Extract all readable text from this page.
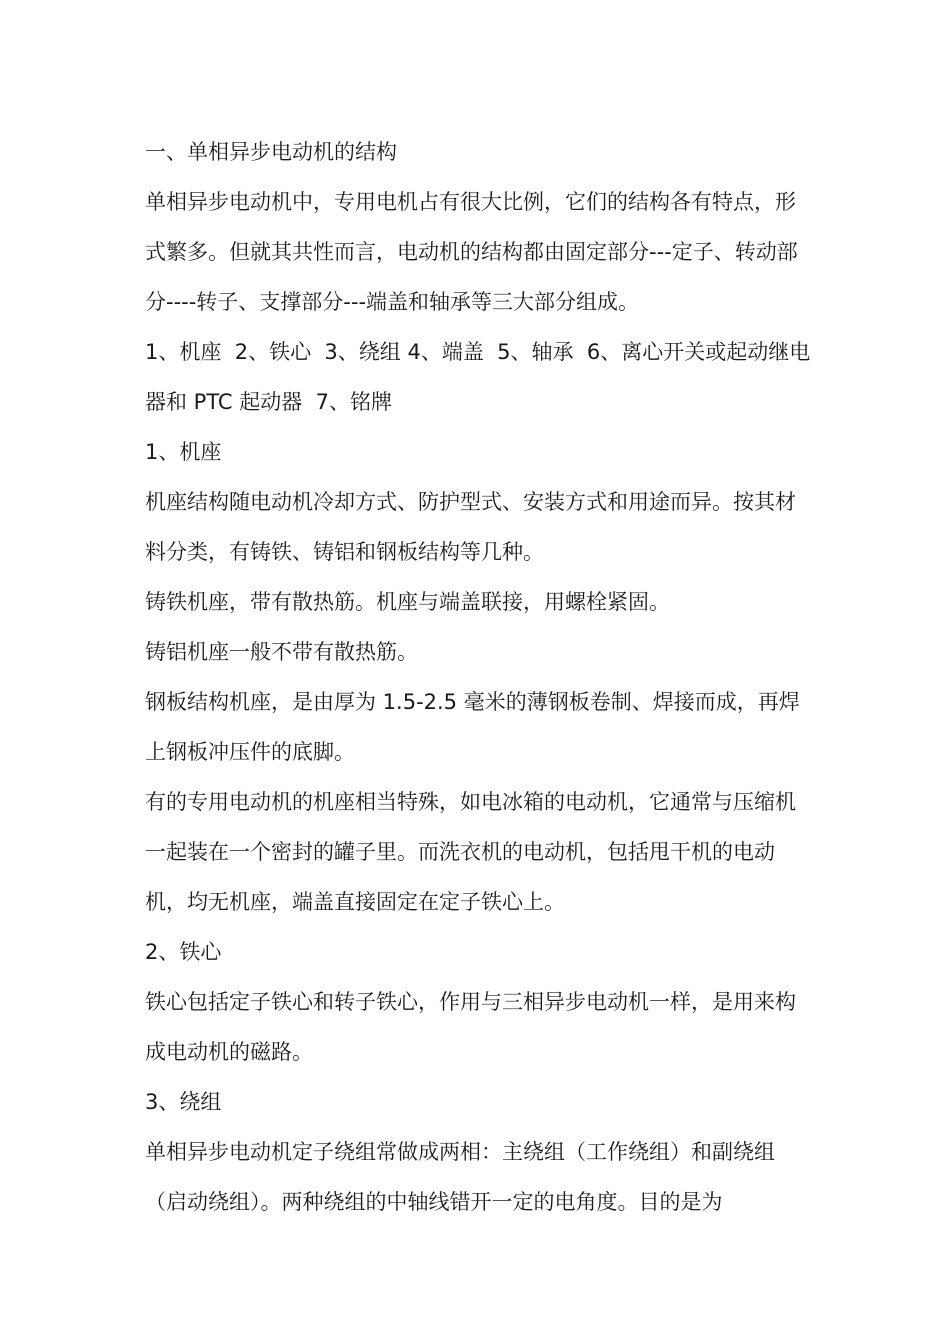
一、单相异步电动机的结构

单相异步电动机中，专用电机占有很大比例，它们的结构各有特点，形式繁多。但就其共性而言，电动机的结构都由固定部分---定子、转动部分----转子、支撑部分---端盖和轴承等三大部分组成。

1、机座  2、铁心  3、绕组 4、端盖  5、轴承  6、离心开关或起动继电器和 PTC 起动器  7、铭牌

1、机座

机座结构随电动机冷却方式、防护型式、安装方式和用途而异。按其材料分类，有铸铁、铸铝和钢板结构等几种。

铸铁机座，带有散热筋。机座与端盖联接，用螺栓紧固。

铸铝机座一般不带有散热筋。

钢板结构机座，是由厚为 1.5-2.5 毫米的薄钢板卷制、焊接而成，再焊上钢板冲压件的底脚。

有的专用电动机的机座相当特殊，如电冰箱的电动机，它通常与压缩机一起装在一个密封的罐子里。而洗衣机的电动机，包括甩干机的电动机，均无机座，端盖直接固定在定子铁心上。

2、铁心

铁心包括定子铁心和转子铁心，作用与三相异步电动机一样，是用来构成电动机的磁路。

3、绕组

单相异步电动机定子绕组常做成两相：主绕组（工作绕组）和副绕组（启动绕组）。两种绕组的中轴线错开一定的电角度。目的是为
